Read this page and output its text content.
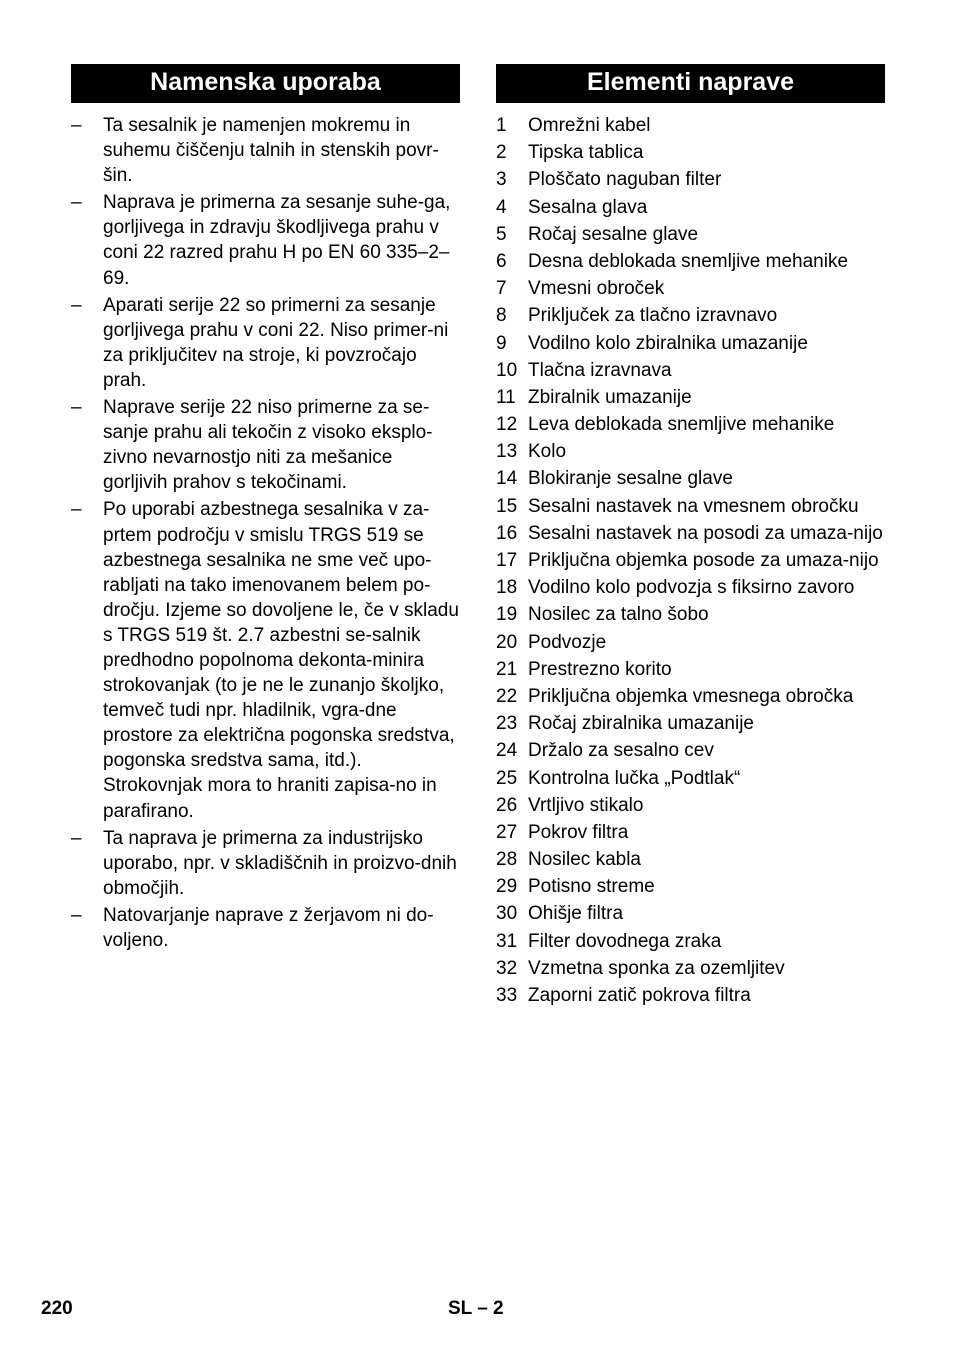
Namenska uporaba
– Ta sesalnik je namenjen mokremu in suhemu čiščenju talnih in stenskih povr-šin.
– Naprava je primerna za sesanje suhe-ga, gorljivega in zdravju škodljivega prahu v coni 22 razred prahu H po EN 60 335–2–69.
– Aparati serije 22 so primerni za sesanje gorljivega prahu v coni 22. Niso primer-ni za priključitev na stroje, ki povzročajo prah.
– Naprave serije 22 niso primerne za se-sanje prahu ali tekočin z visoko eksplo-zivno nevarnostjo niti za mešanice gorljivih prahov s tekočinami.
– Po uporabi azbestnega sesalnika v za-prtem področju v smislu TRGS 519 se azbestnega sesalnika ne sme več upo-rabljati na tako imenovanem belem po-dročju. Izjeme so dovoljene le, če v skladu s TRGS 519 št. 2.7 azbestni se-salnik predhodno popolnoma dekonta-minira strokovanjak (to je ne le zunanjo školjko, temveč tudi npr. hladilnik, vgra-dne prostore za električna pogonska sredstva, pogonska sredstva sama, itd.). Strokovnjak mora to hraniti zapisa-no in parafirano.
– Ta naprava je primerna za industrijsko uporabo, npr. v skladiščnih in proizvo-dnih območjih.
– Natovarjanje naprave z žerjavom ni do-voljeno.
Elementi naprave
1 Omrežni kabel
2 Tipska tablica
3 Ploščato naguban filter
4 Sesalna glava
5 Ročaj sesalne glave
6 Desna deblokada snemljive mehanike
7 Vmesni obroček
8 Priključek za tlačno izravnavo
9 Vodilno kolo zbiralnika umazanije
10 Tlačna izravnava
11 Zbiralnik umazanije
12 Leva deblokada snemljive mehanike
13 Kolo
14 Blokiranje sesalne glave
15 Sesalni nastavek na vmesnem obročku
16 Sesalni nastavek na posodi za umaza-nijo
17 Priključna objemka posode za umaza-nijo
18 Vodilno kolo podvozja s fiksirno zavoro
19 Nosilec za talno šobo
20 Podvozje
21 Prestrezno korito
22 Priključna objemka vmesnega obročka
23 Ročaj zbiralnika umazanije
24 Držalo za sesalno cev
25 Kontrolna lučka „Podtlak“
26 Vrtljivo stikalo
27 Pokrov filtra
28 Nosilec kabla
29 Potisno streme
30 Ohišje filtra
31 Filter dovodnega zraka
32 Vzmetna sponka za ozemljitev
33 Zaporni zatič pokrova filtra
220	SL – 2
